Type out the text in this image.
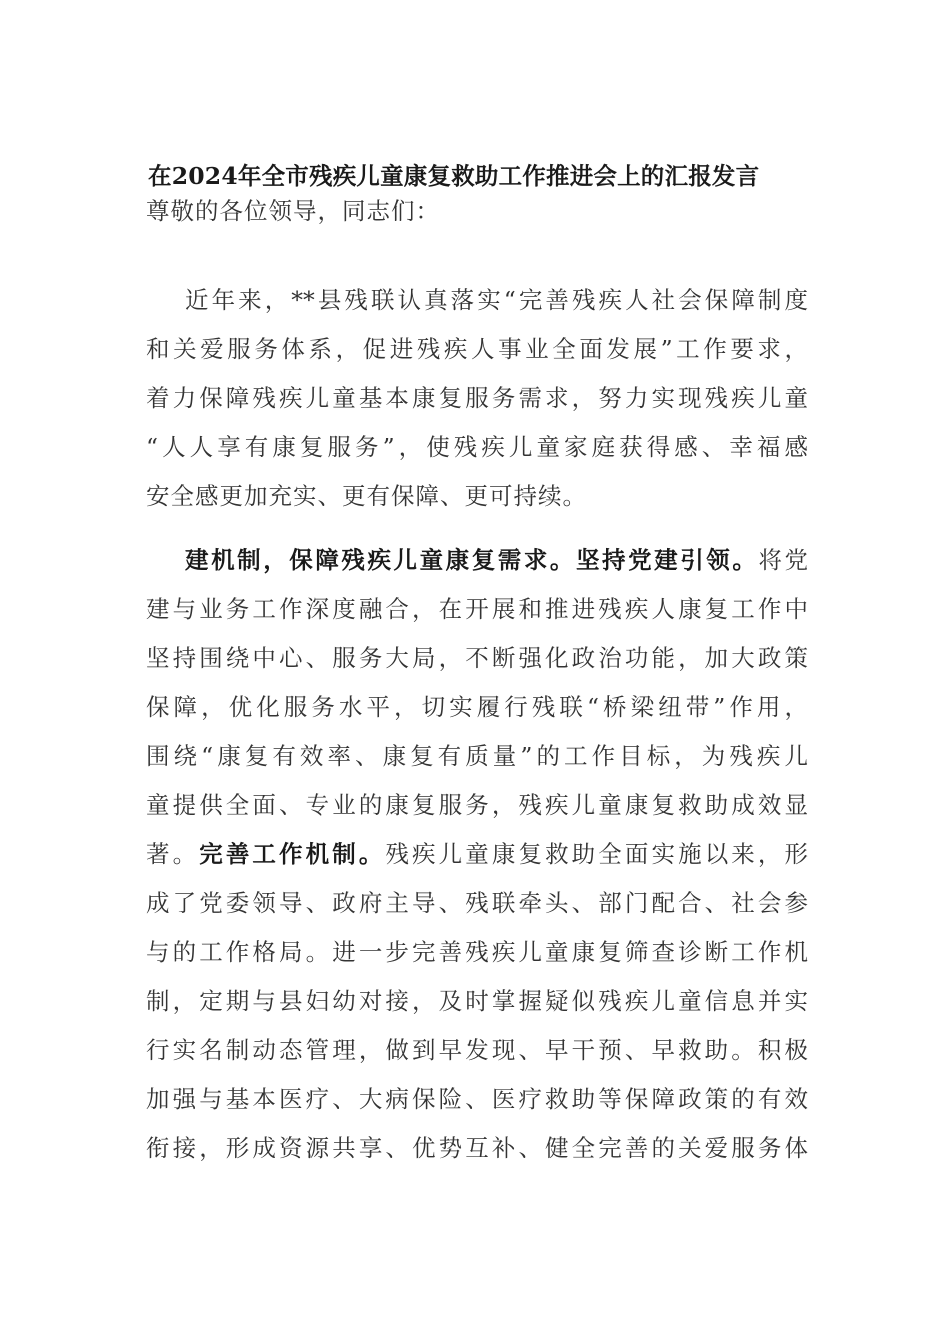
在2024年全市残疾儿童康复救助工作推进会上的汇报发言
尊敬的各位领导，同志们：
近年来，**县残联认真落实“完善残疾人社会保障制度
和关爱服务体系，促进残疾人事业全面发展”工作要求，
着力保障残疾儿童基本康复服务需求，努力实现残疾儿童
“人人享有康复服务”，使残疾儿童家庭获得感、幸福感
安全感更加充实、更有保障、更可持续。
建机制，保障残疾儿童康复需求。坚持党建引领。将党
建与业务工作深度融合，在开展和推进残疾人康复工作中
坚持围绕中心、服务大局，不断强化政治功能，加大政策
保障，优化服务水平，切实履行残联“桥梁纽带”作用，
围绕“康复有效率、康复有质量”的工作目标，为残疾儿
童提供全面、专业的康复服务，残疾儿童康复救助成效显
著。完善工作机制。残疾儿童康复救助全面实施以来，形
成了党委领导、政府主导、残联牵头、部门配合、社会参
与的工作格局。进一步完善残疾儿童康复筛查诊断工作机
制，定期与县妇幼对接，及时掌握疑似残疾儿童信息并实
行实名制动态管理，做到早发现、早干预、早救助。积极
加强与基本医疗、大病保险、医疗救助等保障政策的有效
衔接，形成资源共享、优势互补、健全完善的关爱服务体
